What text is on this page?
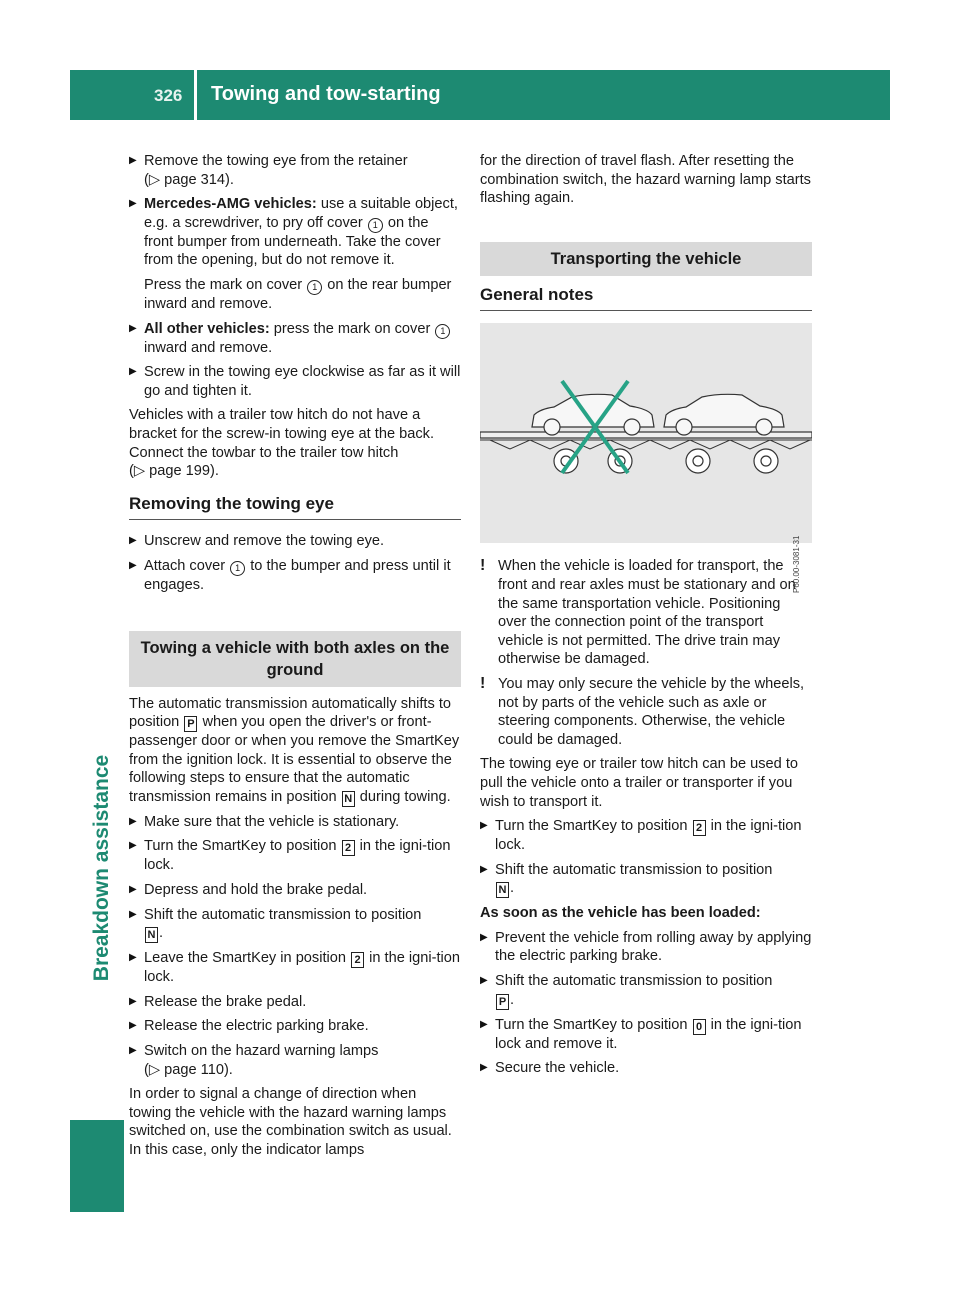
326 Towing and tow-starting
Breakdown assistance
▶ Remove the towing eye from the retainer
(▷ page 314).
▶ Mercedes-AMG vehicles: use a suitable object, e.g. a screwdriver, to pry off cover 1 on the front bumper from underneath. Take the cover from the opening, but do not remove it.
Press the mark on cover 1 on the rear bumper inward and remove.
▶ All other vehicles: press the mark on cover 1 inward and remove.
▶ Screw in the towing eye clockwise as far as it will go and tighten it.

Vehicles with a trailer tow hitch do not have a bracket for the screw-in towing eye at the back. Connect the towbar to the trailer tow hitch
(▷ page 199).

Removing the towing eye
▶ Unscrew and remove the towing eye.
▶ Attach cover 1 to the bumper and press until it engages.
Towing a vehicle with both axles on the ground

The automatic transmission automatically shifts to position P when you open the driver's or front-passenger door or when you remove the SmartKey from the ignition lock. It is essential to observe the following steps to ensure that the automatic transmission remains in position N during towing.

▶ Make sure that the vehicle is stationary.
▶ Turn the SmartKey to position 2 in the igni-tion lock.
▶ Depress and hold the brake pedal.
▶ Shift the automatic transmission to position
N .
▶ Leave the SmartKey in position 2 in the igni-tion lock.
▶ Release the brake pedal.
▶ Release the electric parking brake.
▶ Switch on the hazard warning lamps
(▷ page 110).

In order to signal a change of direction when towing the vehicle with the hazard warning lamps switched on, use the combination switch as usual. In this case, only the indicator lamps

for the direction of travel flash. After resetting the combination switch, the hazard warning lamp starts flashing again.

Transporting the vehicle
General notes
P60.00-3081-31
! When the vehicle is loaded for transport, the front and rear axles must be stationary and on the same transportation vehicle. Positioning over the connection point of the transport vehicle is not permitted. The drive train may otherwise be damaged.
! You may only secure the vehicle by the wheels, not by parts of the vehicle such as axle or steering components. Otherwise, the vehicle could be damaged.

The towing eye or trailer tow hitch can be used to pull the vehicle onto a trailer or transporter if you wish to transport it.

▶ Turn the SmartKey to position 2 in the igni-tion lock.
▶ Shift the automatic transmission to position
N .

As soon as the vehicle has been loaded:

▶ Prevent the vehicle from rolling away by applying the electric parking brake.
▶ Shift the automatic transmission to position
P .
▶ Turn the SmartKey to position 0 in the igni-tion lock and remove it.
▶ Secure the vehicle.
